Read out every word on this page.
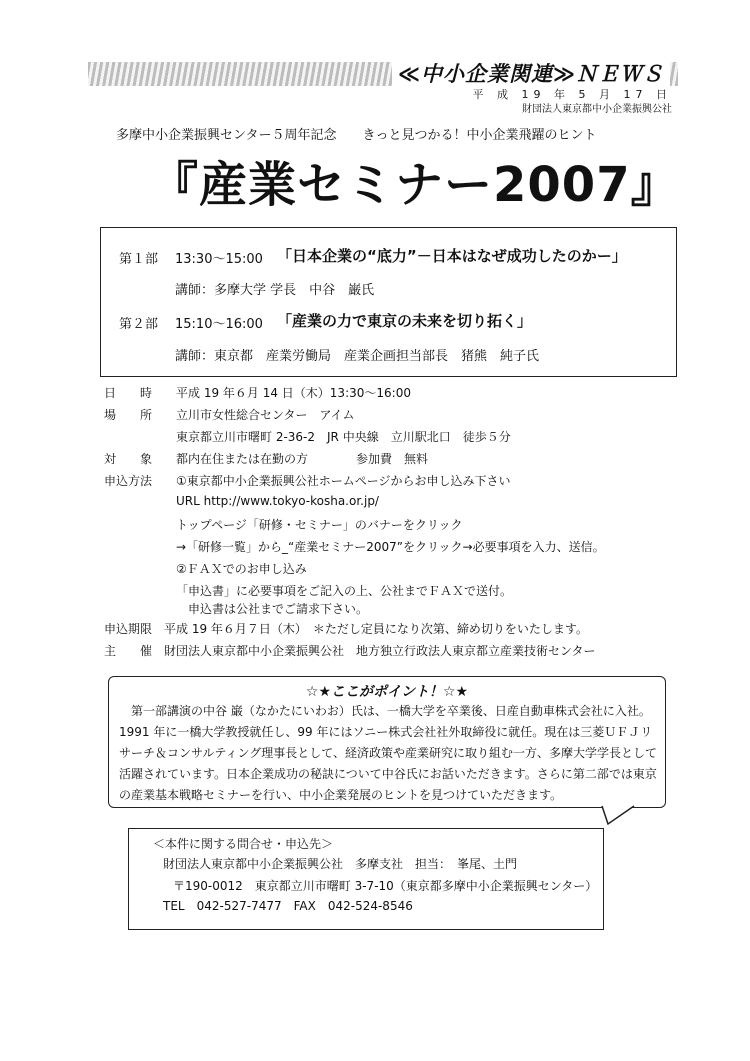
≪中小企業関連≫ＮＥＷＳ
平 成 19 年 5 月 17 日
財団法人東京都中小企業振興公社
多摩中小企業振興センター５周年記念　　きっと見つかる！中小企業飛躍のヒント
『産業セミナー2007』
第１部 13:30～15:00 「日本企業の“底力”－日本はなぜ成功したのかー」
講師：多摩大学 学長　中谷　巌氏
第２部 15:10～16:00 「産業の力で東京の未来を切り拓く」
講師：東京都　産業労働局　産業企画担当部長　猪熊　純子氏
日　　時 平成 19 年６月 14 日（木）13:30～16:00
場　　所 立川市女性総合センター　アイム
東京都立川市曙町 2-36-2　JR 中央線　立川駅北口　徒歩５分
対　　象 都内在住または在勤の方　　　　参加費　無料
申込方法 ①東京都中小企業振興公社ホームページからお申し込み下さい
URL http://www.tokyo-kosha.or.jp/
トップページ「研修・セミナー」のバナーをクリック
→「研修一覧」から_“産業セミナー2007”をクリック→必要事項を入力、送信。
②ＦＡＸでのお申し込み
「申込書」に必要事項をご記入の上、公社までＦＡＸで送付。
　申込書は公社までご請求下さい。
申込期限 平成 19 年６月７日（木）　＊ただし定員になり次第、締め切りをいたします。
主　　催 財団法人東京都中小企業振興公社　地方独立行政法人東京都立産業技術センター
☆★ここがポイント！☆★
　第一部講演の中谷 巌（なかたにいわお）氏は、一橋大学を卒業後、日産自動車株式会社に入社。1991 年に一橋大学教授就任し、99 年にはソニー株式会社社外取締役に就任。現在は三菱ＵＦＪリサーチ＆コンサルティング理事長として、経済政策や産業研究に取り組む一方、多摩大学学長として活躍されています。日本企業成功の秘訣について中谷氏にお話いただきます。さらに第二部では東京の産業基本戦略セミナーを行い、中小企業発展のヒントを見つけていただきます。
＜本件に関する問合せ・申込先＞
財団法人東京都中小企業振興公社　多摩支社　担当：　峯尾、土門
〒190-0012　東京都立川市曙町 3-7-10（東京都多摩中小企業振興センター）
TEL　042-527-7477　FAX　042-524-8546
